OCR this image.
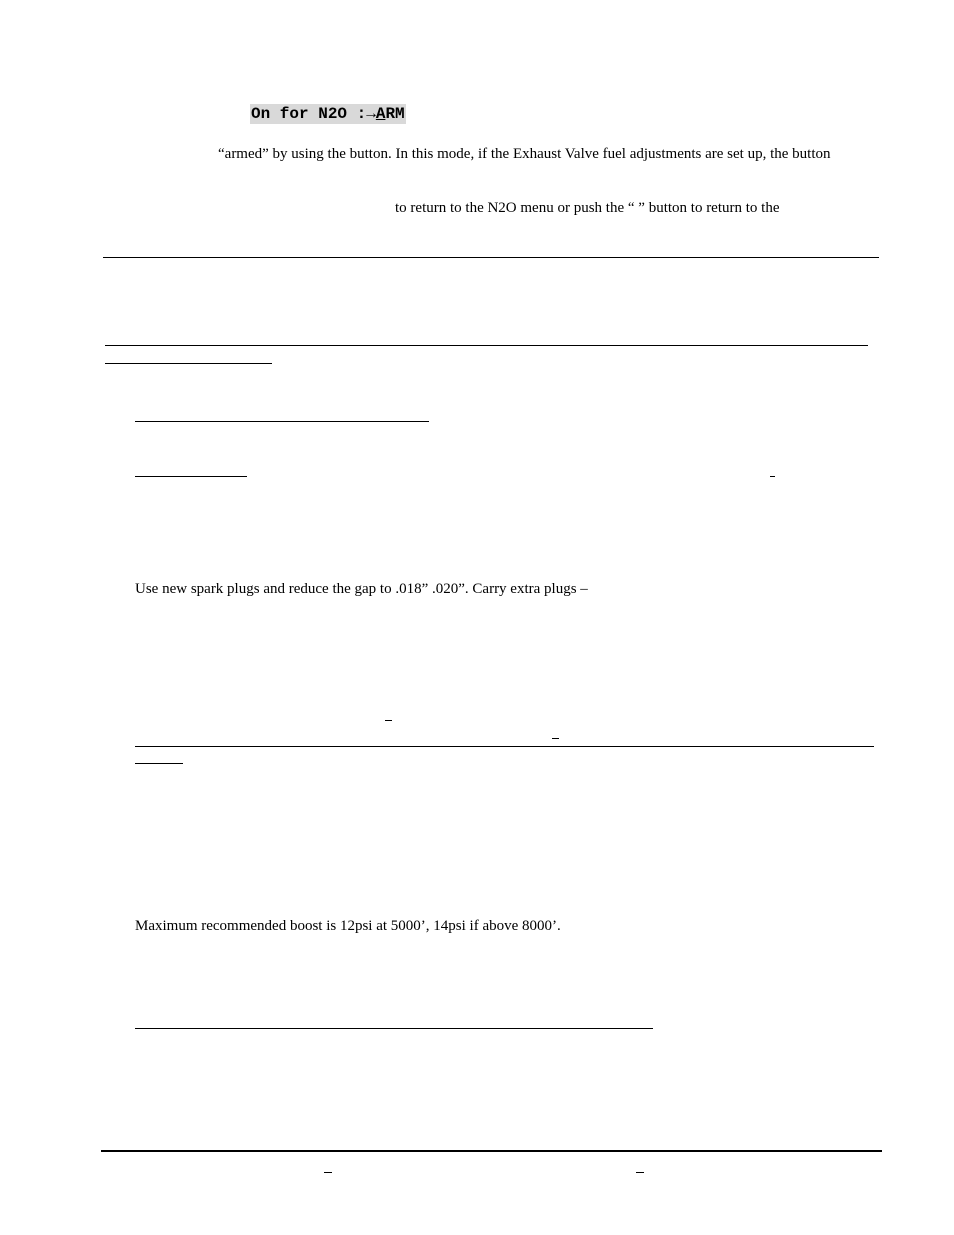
On for N2O :→ARM
“armed” by using the button. In this mode, if the Exhaust Valve fuel adjustments are set up, the button
to return to the N2O menu or push the “ ” button to return to the
Use new spark plugs and reduce the gap to .018” .020”. Carry extra plugs –
Maximum recommended boost is 12psi at 5000’, 14psi if above 8000’.
